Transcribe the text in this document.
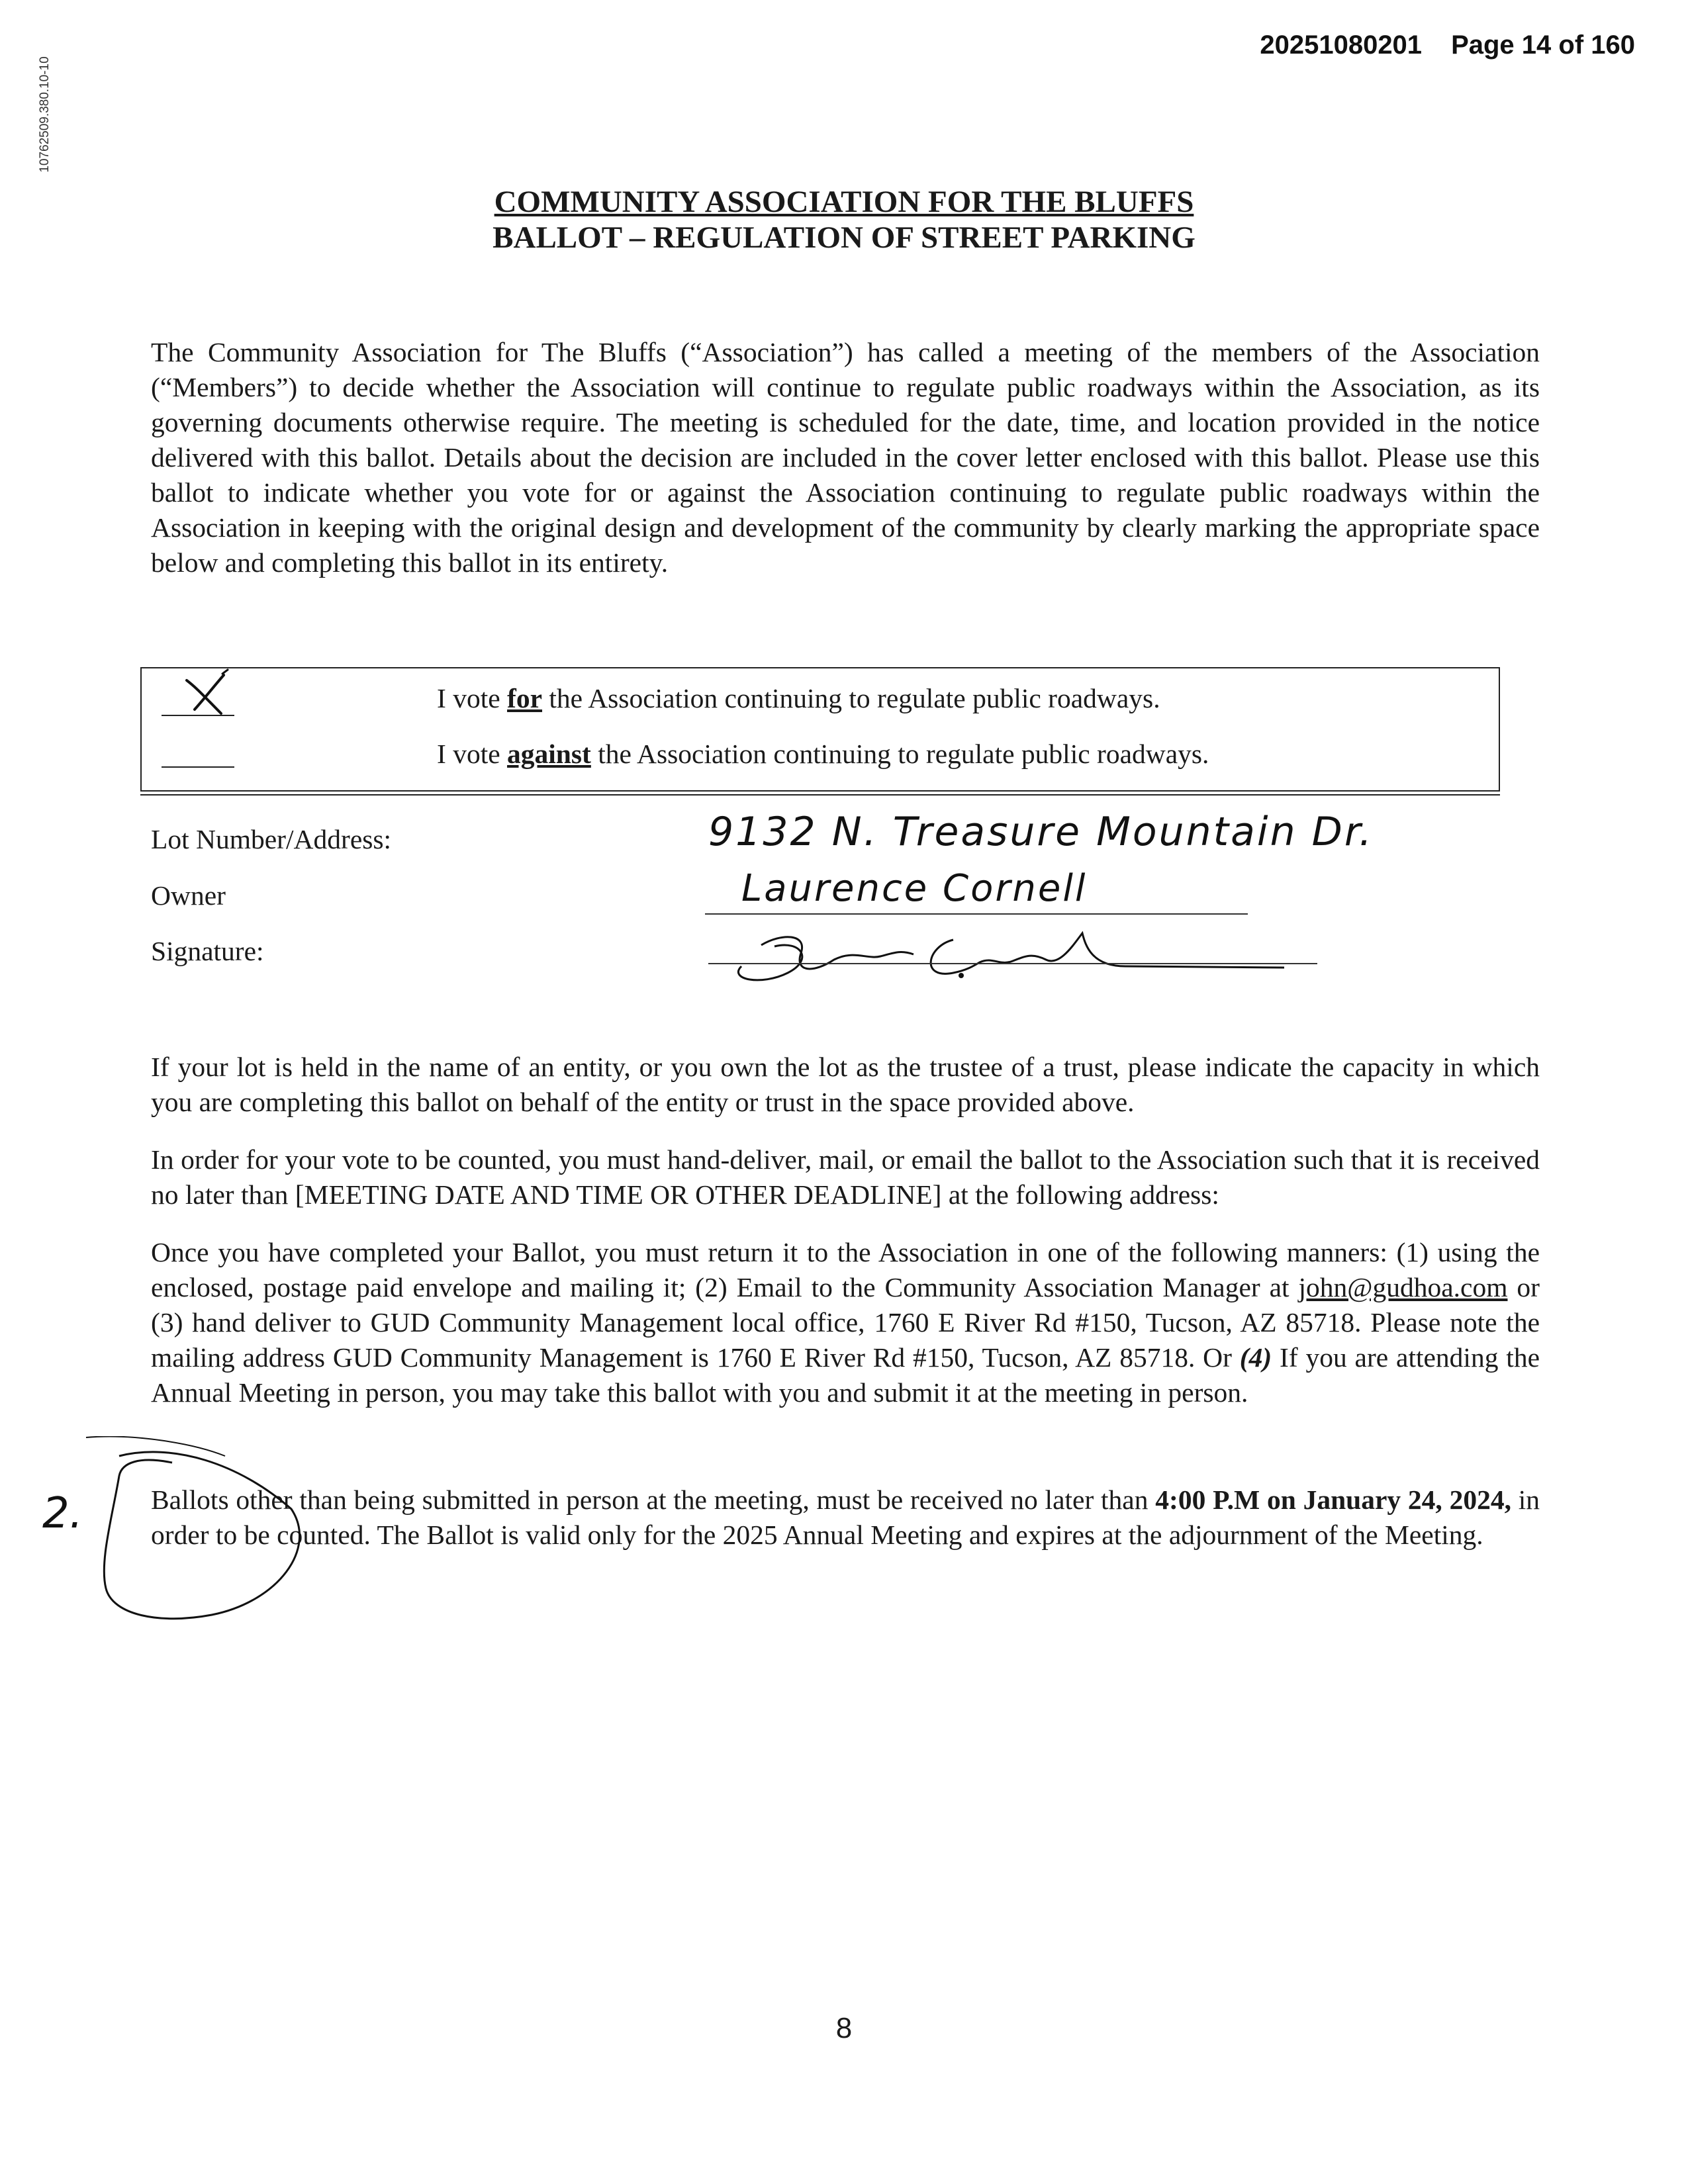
10762509.380.10-10
20251080201 Page 14 of 160
COMMUNITY ASSOCIATION FOR THE BLUFFS
BALLOT – REGULATION OF STREET PARKING

The Community Association for The Bluffs (“Association”) has called a meeting of the members of the Association (“Members”) to decide whether the Association will continue to regulate public roadways within the Association, as its governing documents otherwise require. The meeting is scheduled for the date, time, and location provided in the notice delivered with this ballot. Details about the decision are included in the cover letter enclosed with this ballot. Please use this ballot to indicate whether you vote for or against the Association continuing to regulate public roadways within the Association in keeping with the original design and development of the community by clearly marking the appropriate space below and completing this ballot in its entirety.

I vote for the Association continuing to regulate public roadways.
I vote against the Association continuing to regulate public roadways.
Lot Number/Address:	9132 N. Treasure Mountain Dr.
Owner	Laurence Cornell
Signature:

If your lot is held in the name of an entity, or you own the lot as the trustee of a trust, please indicate the capacity in which you are completing this ballot on behalf of the entity or trust in the space provided above.

In order for your vote to be counted, you must hand-deliver, mail, or email the ballot to the Association such that it is received no later than [MEETING DATE AND TIME OR OTHER DEADLINE] at the following address:

Once you have completed your Ballot, you must return it to the Association in one of the following manners: (1) using the enclosed, postage paid envelope and mailing it; (2) Email to the Community Association Manager at john@gudhoa.com or (3) hand deliver to GUD Community Management local office, 1760 E River Rd #150, Tucson, AZ 85718. Please note the mailing address GUD Community Management is 1760 E River Rd #150, Tucson, AZ 85718. Or (4) If you are attending the Annual Meeting in person, you may take this ballot with you and submit it at the meeting in person.

Ballots other than being submitted in person at the meeting, must be received no later than 4:00 P.M on January 24, 2024, in order to be counted. The Ballot is valid only for the 2025 Annual Meeting and expires at the adjournment of the Meeting.

2.
8
